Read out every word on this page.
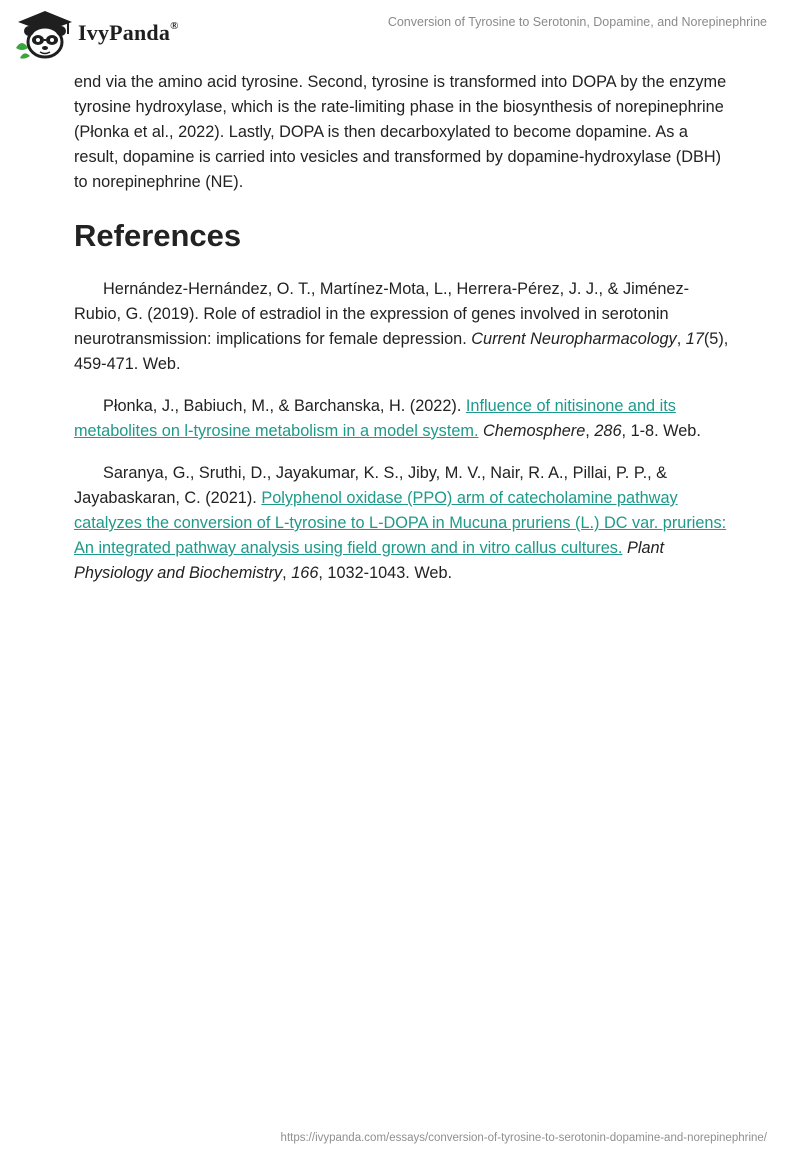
IvyPanda®	Conversion of Tyrosine to Serotonin, Dopamine, and Norepinephrine

end via the amino acid tyrosine. Second, tyrosine is transformed into DOPA by the enzyme tyrosine hydroxylase, which is the rate-limiting phase in the biosynthesis of norepinephrine (Płonka et al., 2022). Lastly, DOPA is then decarboxylated to become dopamine. As a result, dopamine is carried into vesicles and transformed by dopamine-hydroxylase (DBH) to norepinephrine (NE).

References

Hernández-Hernández, O. T., Martínez-Mota, L., Herrera-Pérez, J. J., & Jiménez-Rubio, G. (2019). Role of estradiol in the expression of genes involved in serotonin neurotransmission: implications for female depression. Current Neuropharmacology, 17(5), 459-471. Web.

Płonka, J., Babiuch, M., & Barchanska, H. (2022). Influence of nitisinone and its metabolites on l-tyrosine metabolism in a model system. Chemosphere, 286, 1-8. Web.

Saranya, G., Sruthi, D., Jayakumar, K. S., Jiby, M. V., Nair, R. A., Pillai, P. P., & Jayabaskaran, C. (2021). Polyphenol oxidase (PPO) arm of catecholamine pathway catalyzes the conversion of L-tyrosine to L-DOPA in Mucuna pruriens (L.) DC var. pruriens: An integrated pathway analysis using field grown and in vitro callus cultures. Plant Physiology and Biochemistry, 166, 1032-1043. Web.

https://ivypanda.com/essays/conversion-of-tyrosine-to-serotonin-dopamine-and-norepinephrine/
